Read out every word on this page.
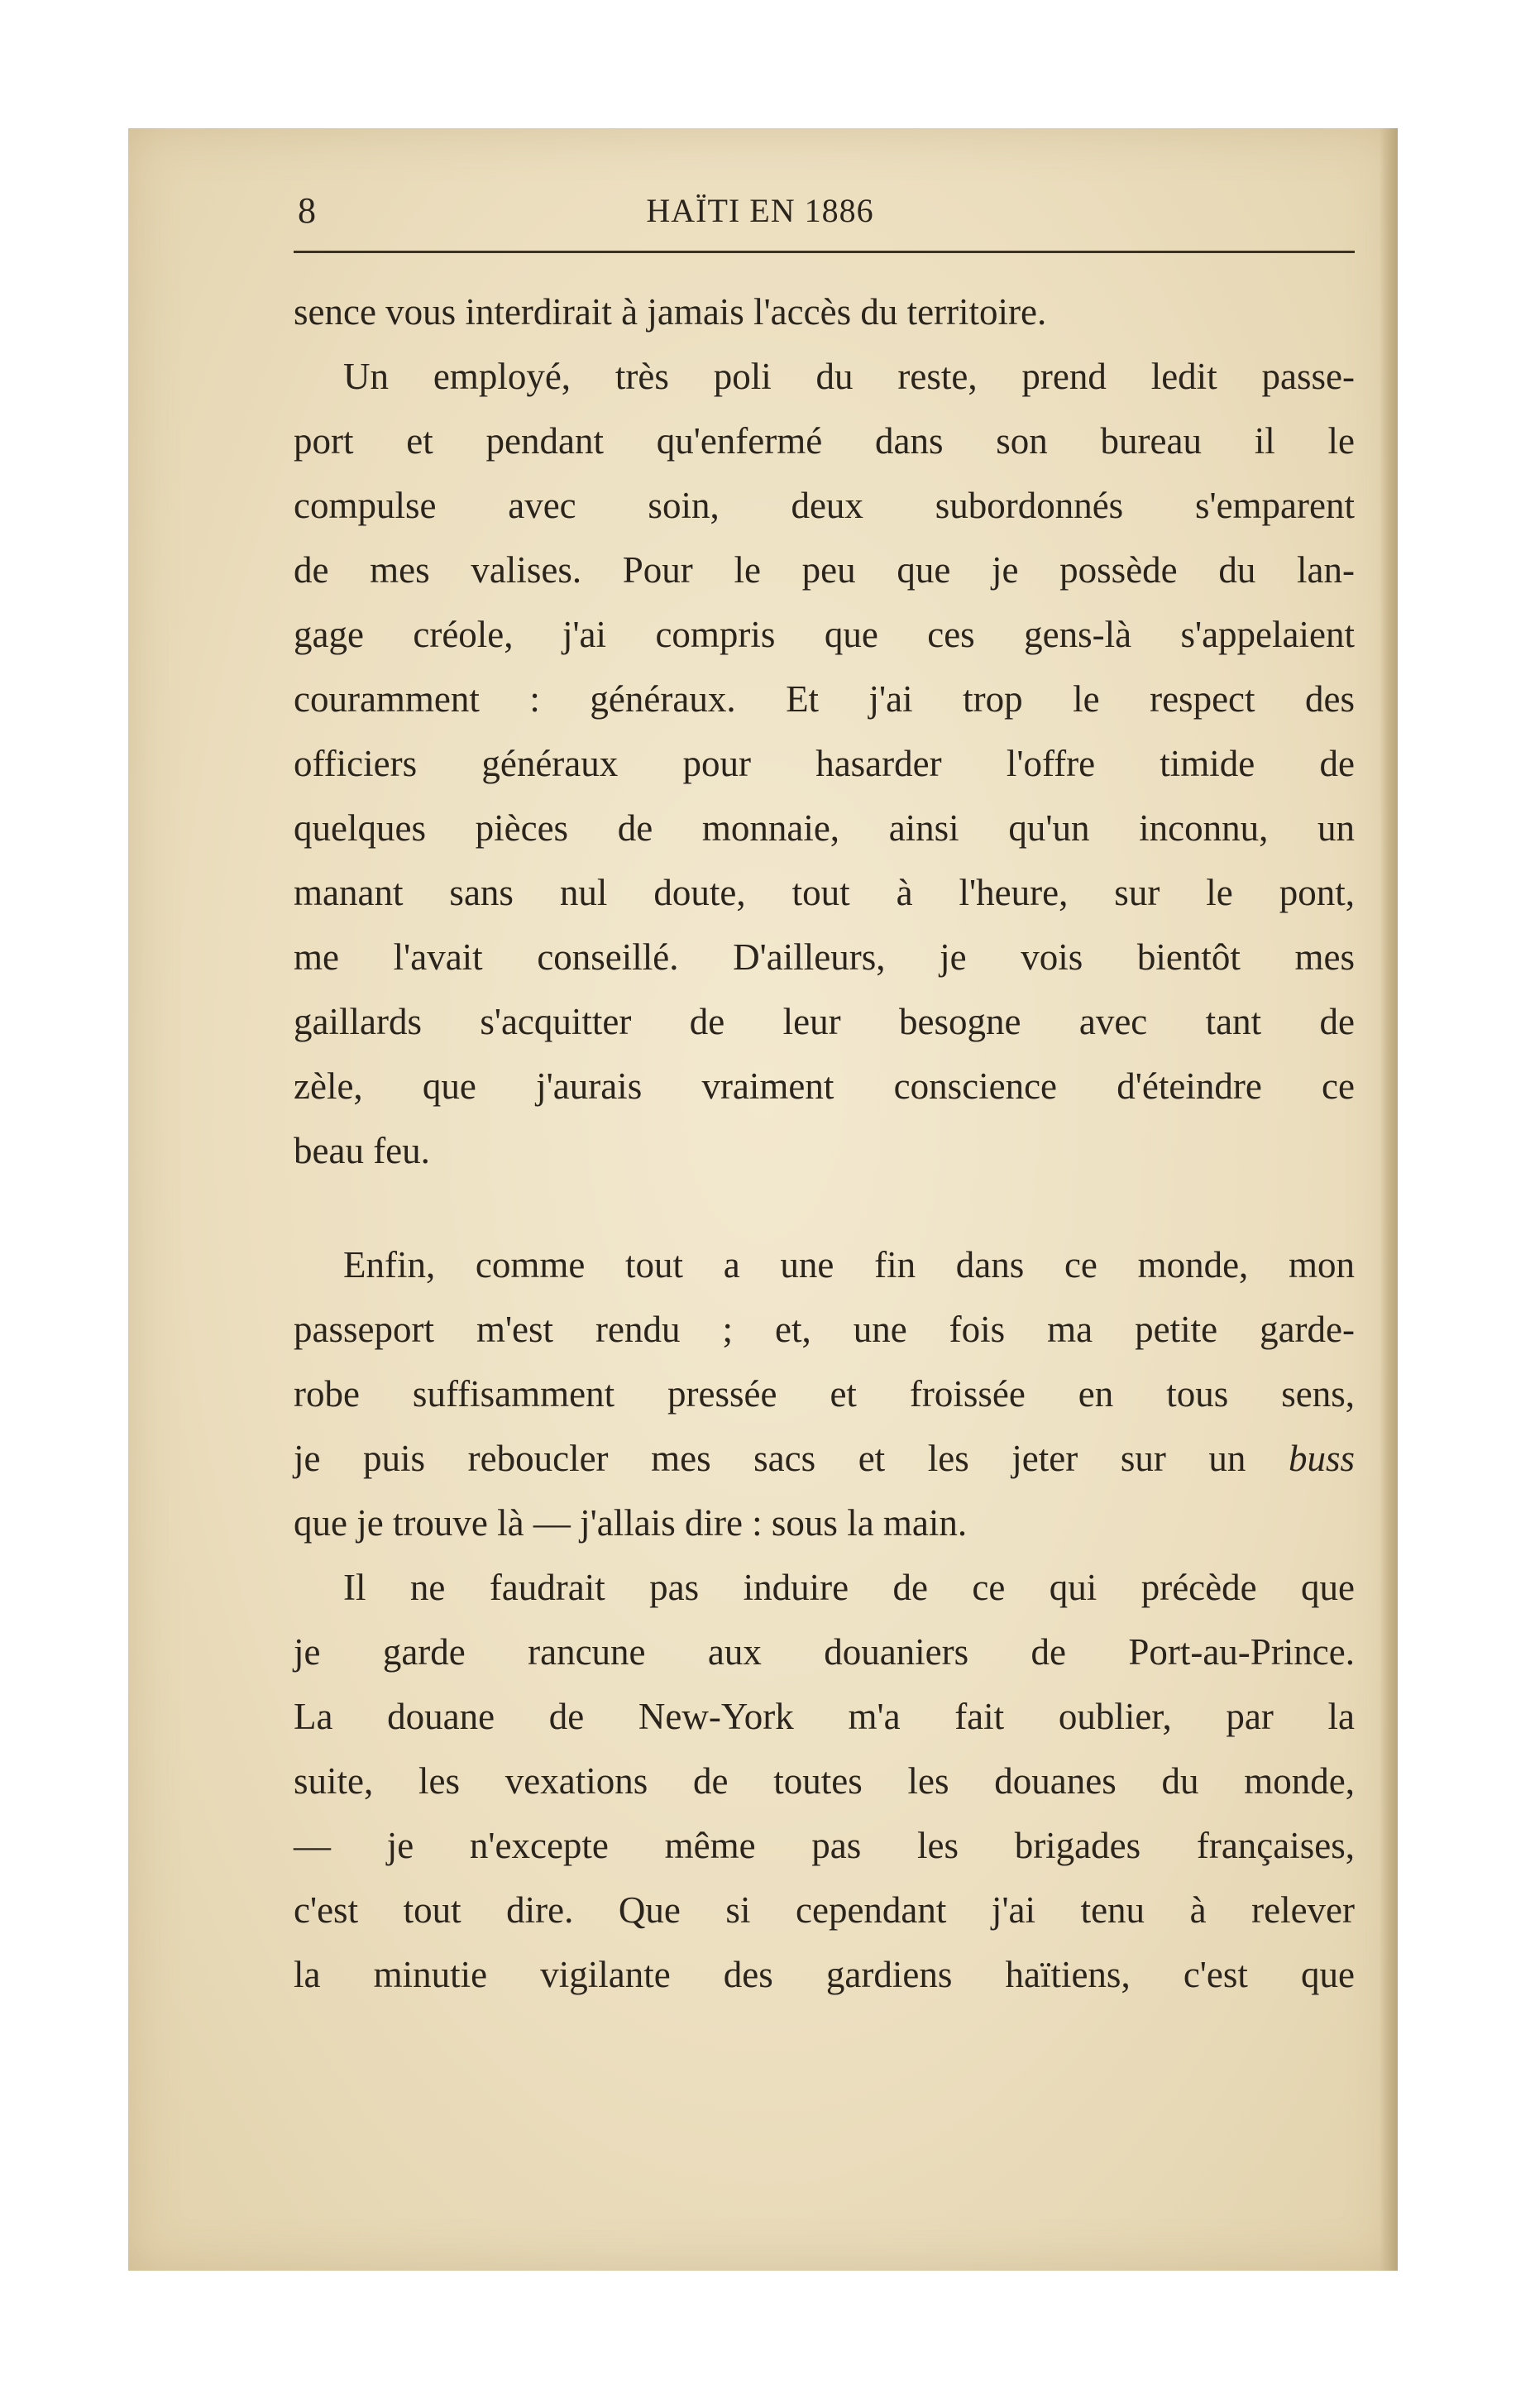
8	HAÏTI EN 1886
sence vous interdirait à jamais l'accès du territoire.
Un employé, très poli du reste, prend ledit passe-
port et pendant qu'enfermé dans son bureau il le
compulse avec soin, deux subordonnés s'emparent
de mes valises. Pour le peu que je possède du lan-
gage créole, j'ai compris que ces gens-là s'appelaient
couramment : généraux. Et j'ai trop le respect des
officiers généraux pour hasarder l'offre timide de
quelques pièces de monnaie, ainsi qu'un inconnu, un
manant sans nul doute, tout à l'heure, sur le pont,
me l'avait conseillé. D'ailleurs, je vois bientôt mes
gaillards s'acquitter de leur besogne avec tant de
zèle, que j'aurais vraiment conscience d'éteindre ce
beau feu.
Enfin, comme tout a une fin dans ce monde, mon
passeport m'est rendu ; et, une fois ma petite garde-
robe suffisamment pressée et froissée en tous sens,
je puis reboucler mes sacs et les jeter sur un buss
que je trouve là — j'allais dire : sous la main.
Il ne faudrait pas induire de ce qui précède que
je garde rancune aux douaniers de Port-au-Prince.
La douane de New-York m'a fait oublier, par la
suite, les vexations de toutes les douanes du monde,
— je n'excepte même pas les brigades françaises,
c'est tout dire. Que si cependant j'ai tenu à relever
la minutie vigilante des gardiens haïtiens, c'est que
